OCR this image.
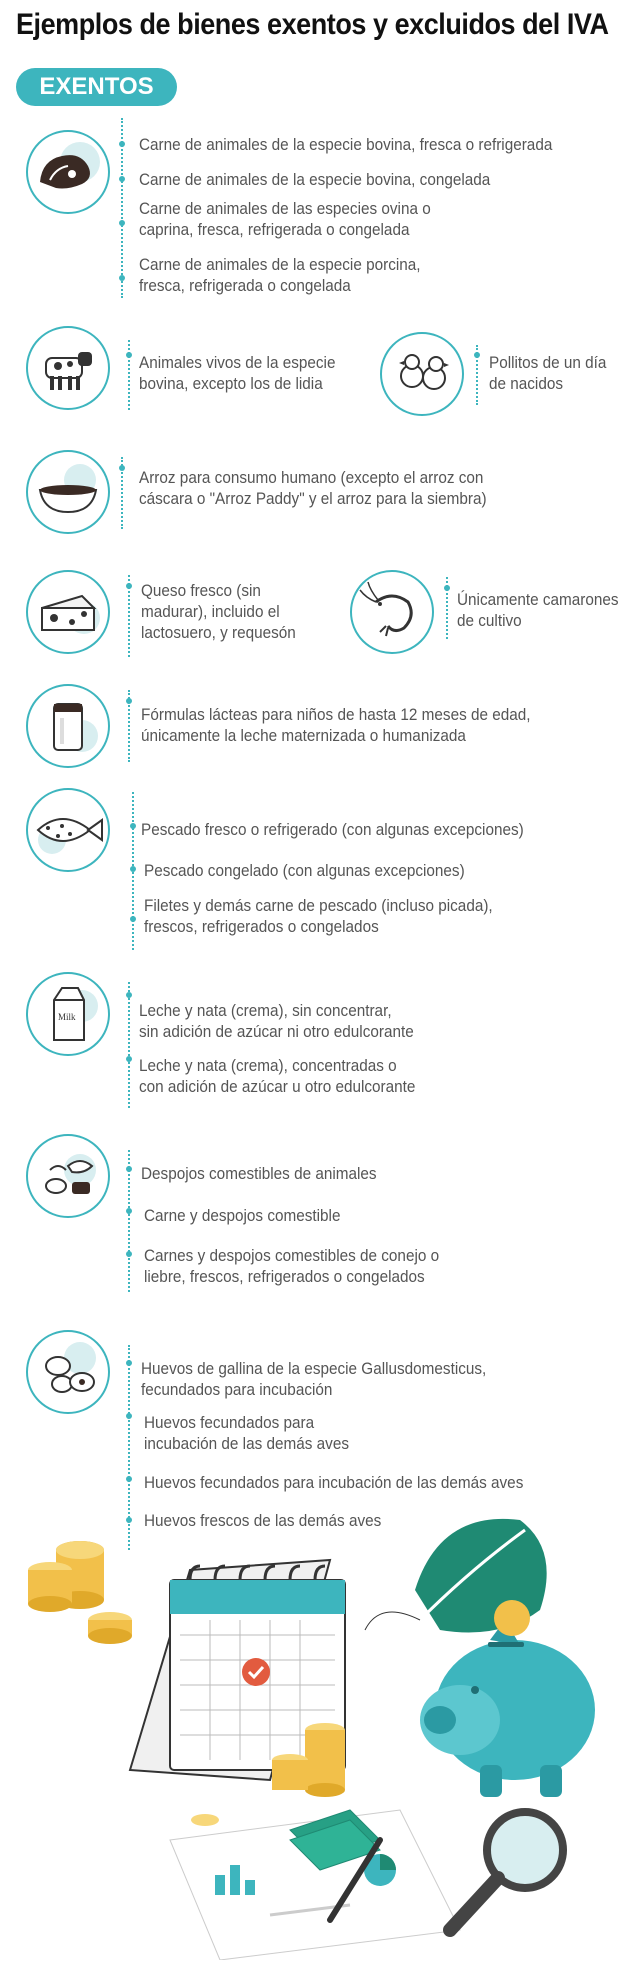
Ejemplos de bienes exentos y excluidos del IVA
EXENTOS
Carne de animales de la especie bovina, fresca o refrigerada
Carne de animales de la especie bovina, congelada
Carne de animales de las especies ovina o
caprina, fresca, refrigerada o congelada
Carne de animales de la especie porcina,
fresca, refrigerada o congelada
Animales vivos de la especie
bovina, excepto los de lidia
Pollitos de un día
de nacidos
Arroz para consumo humano (excepto el arroz con
cáscara o "Arroz Paddy" y el arroz para la siembra)
Queso fresco (sin
madurar), incluido el
lactosuero, y requesón
Únicamente camarones
de cultivo
Fórmulas lácteas para niños de hasta 12 meses de edad,
únicamente la leche maternizada o humanizada
Pescado fresco o refrigerado (con algunas excepciones)
Pescado congelado (con algunas excepciones)
Filetes y demás carne de pescado (incluso picada),
frescos, refrigerados o congelados
Milk	Leche y nata (crema), sin concentrar,
sin adición de azúcar ni otro edulcorante
Leche y nata (crema), concentradas o
con adición de azúcar u otro edulcorante
Despojos comestibles de animales
Carne y despojos comestible
Carnes y despojos comestibles de conejo o
liebre, frescos, refrigerados o congelados
Huevos de gallina de la especie Gallusdomesticus,
fecundados para incubación
Huevos fecundados para
incubación de las demás aves
Huevos fecundados para incubación de las demás aves
Huevos frescos de las demás aves
